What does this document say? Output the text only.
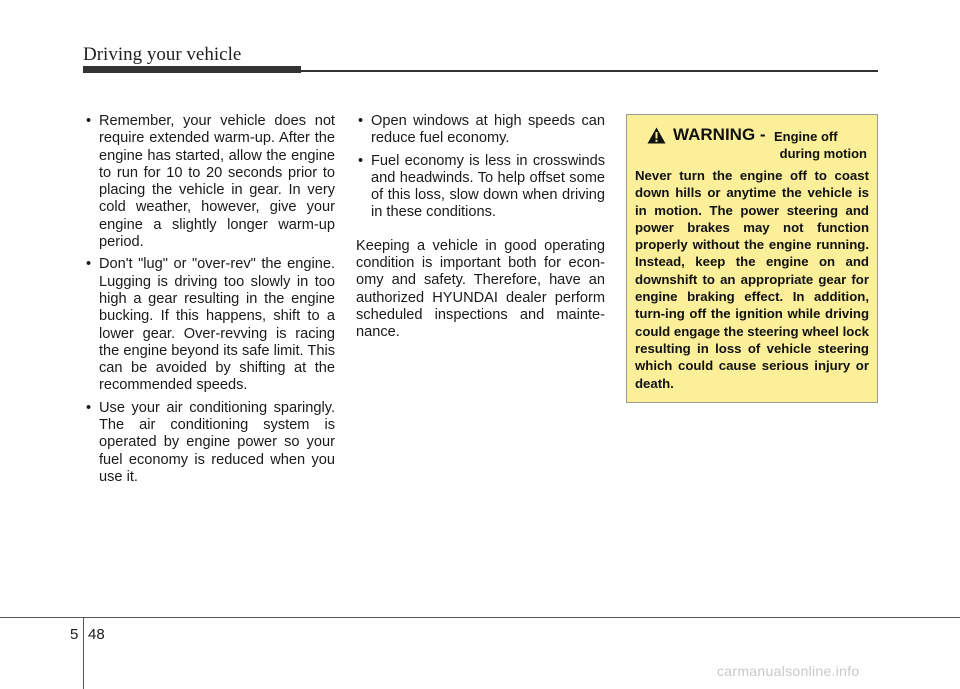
Driving your vehicle
• Remember, your vehicle does not require extended warm-up. After the engine has started, allow the engine to run for 10 to 20 seconds prior to placing the vehicle in gear. In very cold weather, however, give your engine a slightly longer warm-up period.
• Don't "lug" or "over-rev" the engine. Lugging is driving too slowly in too high a gear resulting in the engine bucking. If this happens, shift to a lower gear. Over-revving is racing the engine beyond its safe limit. This can be avoided by shifting at the recommended speeds.
• Use your air conditioning sparingly. The air conditioning system is operated by engine power so your fuel economy is reduced when you use it.
• Open windows at high speeds can reduce fuel economy.
• Fuel economy is less in crosswinds and headwinds. To help offset some of this loss, slow down when driving in these conditions.

Keeping a vehicle in good operating condition is important both for econ-omy and safety. Therefore, have an authorized HYUNDAI dealer perform scheduled inspections and mainte-nance.

WARNING - Engine off
during motion

Never turn the engine off to coast down hills or anytime the vehicle is in motion. The power steering and power brakes may not function properly without the engine running. Instead, keep the engine on and downshift to an appropriate gear for engine braking effect. In addition, turn-ing off the ignition while driving could engage the steering wheel lock resulting in loss of vehicle steering which could cause serious injury or death.

5 48
carmanualsonline.info
